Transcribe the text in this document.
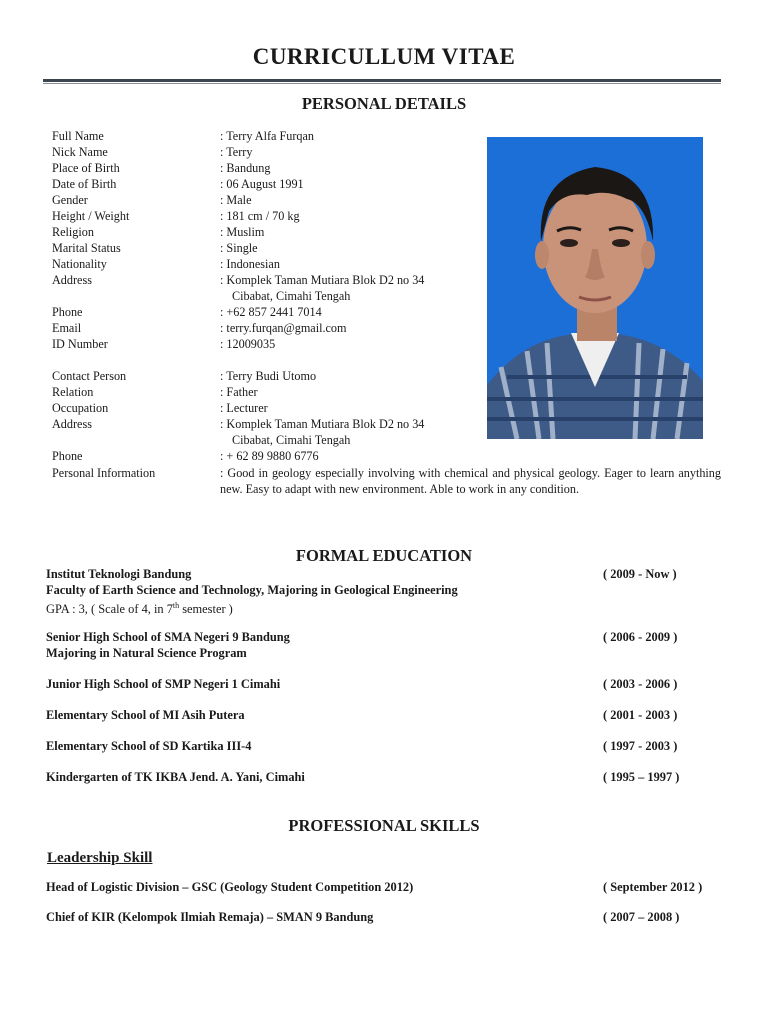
CURRICULLUM VITAE
PERSONAL DETAILS
Full Name	: Terry Alfa Furqan
Nick Name	: Terry
Place of Birth	: Bandung
Date of Birth	: 06 August 1991
Gender	: Male
Height / Weight	: 181 cm / 70 kg
Religion	: Muslim
Marital Status	: Single
Nationality	: Indonesian
Address	: Komplek Taman Mutiara Blok D2 no 34
Cibabat, Cimahi Tengah
Phone	: +62 857 2441 7014
Email	: terry.furqan@gmail.com
ID Number	: 12009035
Contact Person	: Terry Budi Utomo
Relation	: Father
Occupation	: Lecturer
Address	: Komplek Taman Mutiara Blok D2 no 34
Cibabat, Cimahi Tengah
Phone	: + 62 89 9880 6776
Personal Information	: Good in geology especially involving with chemical and physical geology. Eager to learn anything new. Easy to adapt with new environment. Able to work in any condition.
FORMAL EDUCATION
Institut Teknologi Bandung	( 2009 - Now )
Faculty of Earth Science and Technology, Majoring in Geological Engineering
GPA : 3, ( Scale of 4, in 7th semester )
Senior High School of SMA Negeri 9 Bandung	( 2006 - 2009 )
Majoring in Natural Science Program
Junior High School of SMP Negeri 1 Cimahi	( 2003 - 2006 )
Elementary School of MI Asih Putera	( 2001 - 2003 )
Elementary School of SD Kartika III-4	( 1997 - 2003 )
Kindergarten of TK IKBA Jend. A. Yani, Cimahi	( 1995 – 1997 )
PROFESSIONAL SKILLS
Leadership Skill
Head of Logistic Division – GSC (Geology Student Competition 2012)	( September 2012 )
Chief of KIR (Kelompok Ilmiah Remaja) – SMAN 9 Bandung	( 2007 – 2008 )
